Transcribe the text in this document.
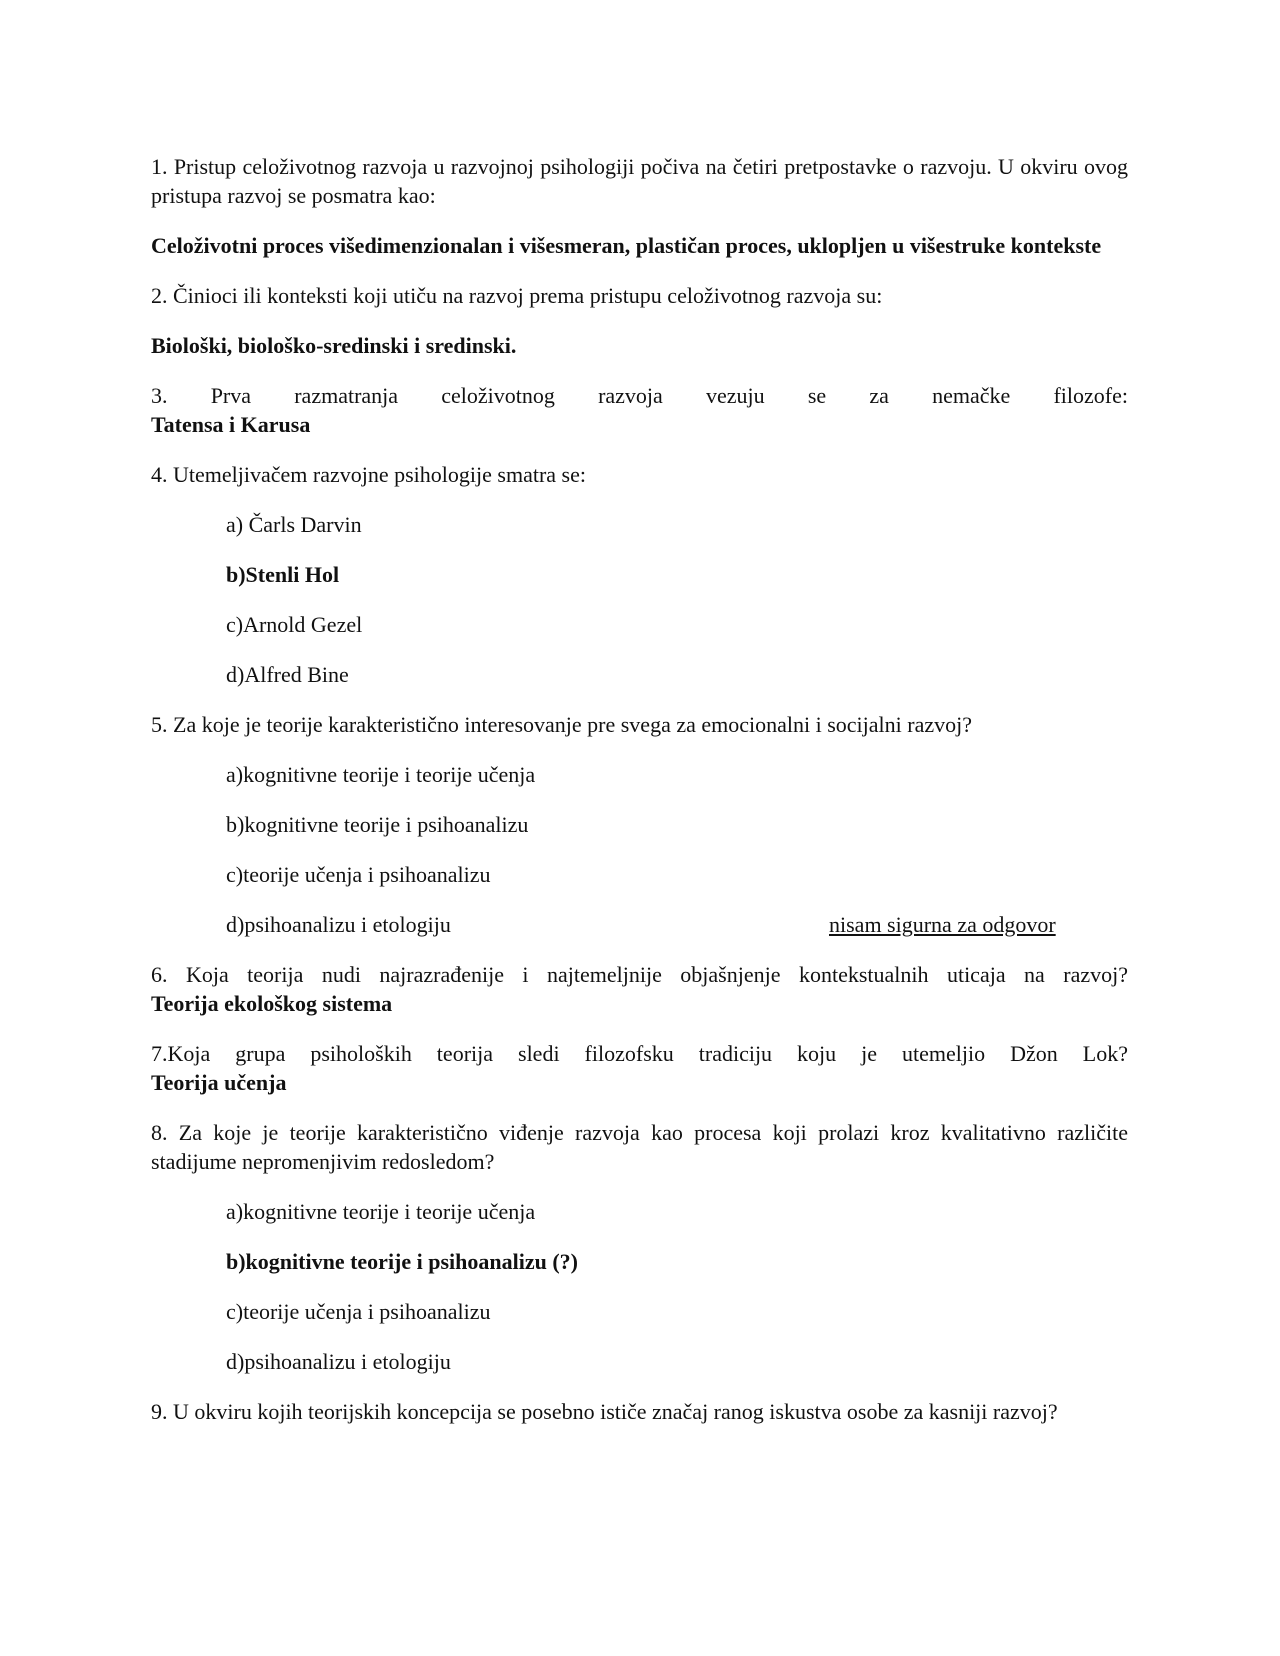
1. Pristup celoživotnog razvoja u razvojnoj psihologiji počiva na četiri pretpostavke o razvoju. U okviru ovog pristupa razvoj se posmatra kao:

Celoživotni proces višedimenzionalan i višesmeran, plastičan proces, uklopljen u višestruke kontekste

2. Činioci ili konteksti koji utiču na razvoj prema pristupu celoživotnog razvoja su:

Biološki, biološko-sredinski i sredinski.

3. Prva razmatranja celoživotnog razvoja vezuju se za nemačke filozofe:
Tatensa i Karusa

4. Utemeljivačem razvojne psihologije smatra se:

a) Čarls Darvin

b)Stenli Hol

c)Arnold Gezel

d)Alfred Bine

5. Za koje je teorije karakteristično interesovanje pre svega za emocionalni i socijalni razvoj?

a)kognitivne teorije i teorije učenja

b)kognitivne teorije i psihoanalizu

c)teorije učenja i psihoanalizu

d)psihoanalizu i etologiju	nisam sigurna za odgovor

6. Koja teorija nudi najrazrađenije i najtemeljnije objašnjenje kontekstualnih uticaja na razvoj?
Teorija ekološkog sistema

7.Koja grupa psiholoških teorija sledi filozofsku tradiciju koju je utemeljio Džon Lok?
Teorija učenja

8. Za koje je teorije karakteristično viđenje razvoja kao procesa koji prolazi kroz kvalitativno različite stadijume nepromenjivim redosledom?

a)kognitivne teorije i teorije učenja

b)kognitivne teorije i psihoanalizu (?)

c)teorije učenja i psihoanalizu

d)psihoanalizu i etologiju

9. U okviru kojih teorijskih koncepcija se posebno ističe značaj ranog iskustva osobe za kasniji razvoj?
